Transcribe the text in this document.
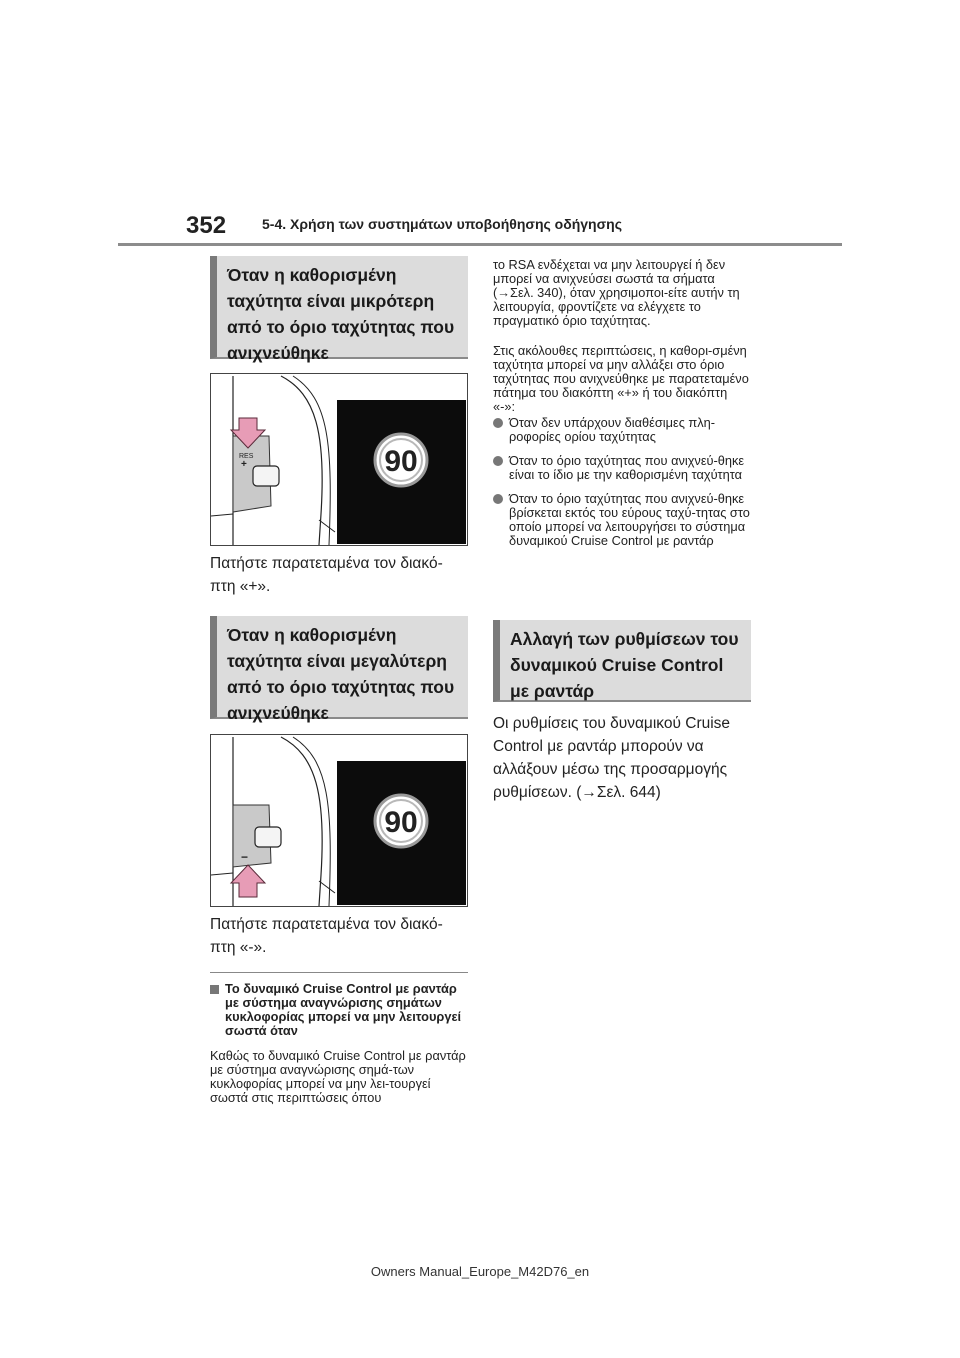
352	5-4. Χρήση των συστημάτων υποβοήθησης οδήγησης
Όταν η καθορισμένη ταχύτητα είναι μικρότερη από το όριο ταχύτητας που ανιχνεύθηκε
RES
+	90
Πατήστε παρατεταμένα τον διακό-πτη «+».
Όταν η καθορισμένη ταχύτητα είναι μεγαλύτερη από το όριο ταχύτητας που ανιχνεύθηκε
−
90
Πατήστε παρατεταμένα τον διακό-πτη «-».
Το δυναμικό Cruise Control με ραντάρ με σύστημα αναγνώρισης σημάτων κυκλοφορίας μπορεί να μην λειτουργεί σωστά όταν
Καθώς το δυναμικό Cruise Control με ραντάρ με σύστημα αναγνώρισης σημά-των κυκλοφορίας μπορεί να μην λει-τουργεί σωστά στις περιπτώσεις όπου
το RSA ενδέχεται να μην λειτουργεί ή δεν μπορεί να ανιχνεύσει σωστά τα σήματα (→Σελ. 340), όταν χρησιμοποι-είτε αυτήν τη λειτουργία, φροντίζετε να ελέγχετε το πραγματικό όριο ταχύτητας.
Στις ακόλουθες περιπτώσεις, η καθορι-σμένη ταχύτητα μπορεί να μην αλλάξει στο όριο ταχύτητας που ανιχνεύθηκε με παρατεταμένο πάτημα του διακόπτη «+» ή του διακόπτη «-»:
Όταν δεν υπάρχουν διαθέσιμες πλη-ροφορίες ορίου ταχύτητας
Όταν το όριο ταχύτητας που ανιχνεύ-θηκε είναι το ίδιο με την καθορισμένη ταχύτητα
Όταν το όριο ταχύτητας που ανιχνεύ-θηκε βρίσκεται εκτός του εύρους ταχύ-τητας στο οποίο μπορεί να λειτουργήσει το σύστημα δυναμικού Cruise Control με ραντάρ
Αλλαγή των ρυθμίσεων του δυναμικού Cruise Control με ραντάρ
Οι ρυθμίσεις του δυναμικού Cruise Control με ραντάρ μπορούν να αλλάξουν μέσω της προσαρμογής ρυθμίσεων. (→Σελ. 644)
Owners Manual_Europe_M42D76_en
